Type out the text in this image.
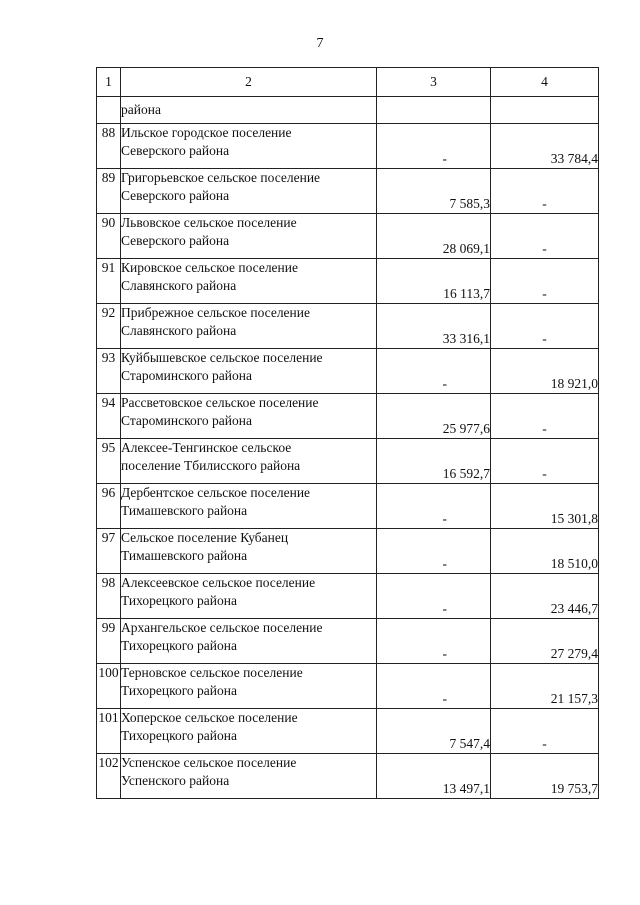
7
1	2	3	4

	района		

88	Ильское городское поселение
Северского района	-	33 784,4
89	Григорьевское сельское поселение
Северского района	7 585,3	-
90	Львовское сельское поселение
Северского района	28 069,1	-
91	Кировское сельское поселение
Славянского района	16 113,7	-
92	Прибрежное сельское поселение
Славянского района	33 316,1	-
93	Куйбышевское сельское поселение
Староминского района	-	18 921,0
94	Рассветовское сельское поселение
Староминского района	25 977,6	-
95	Алексее-Тенгинское сельское
поселение Тбилисского района	16 592,7	-
96	Дербентское сельское поселение
Тимашевского района	-	15 301,8
97	Сельское поселение Кубанец
Тимашевского района	-	18 510,0
98	Алексеевское сельское поселение
Тихорецкого района	-	23 446,7
99	Архангельское сельское поселение
Тихорецкого района	-	27 279,4
100	Терновское сельское поселение
Тихорецкого района	-	21 157,3
101	Хоперское сельское поселение
Тихорецкого района	7 547,4	-
102	Успенское сельское поселение
Успенского района	13 497,1	19 753,7
